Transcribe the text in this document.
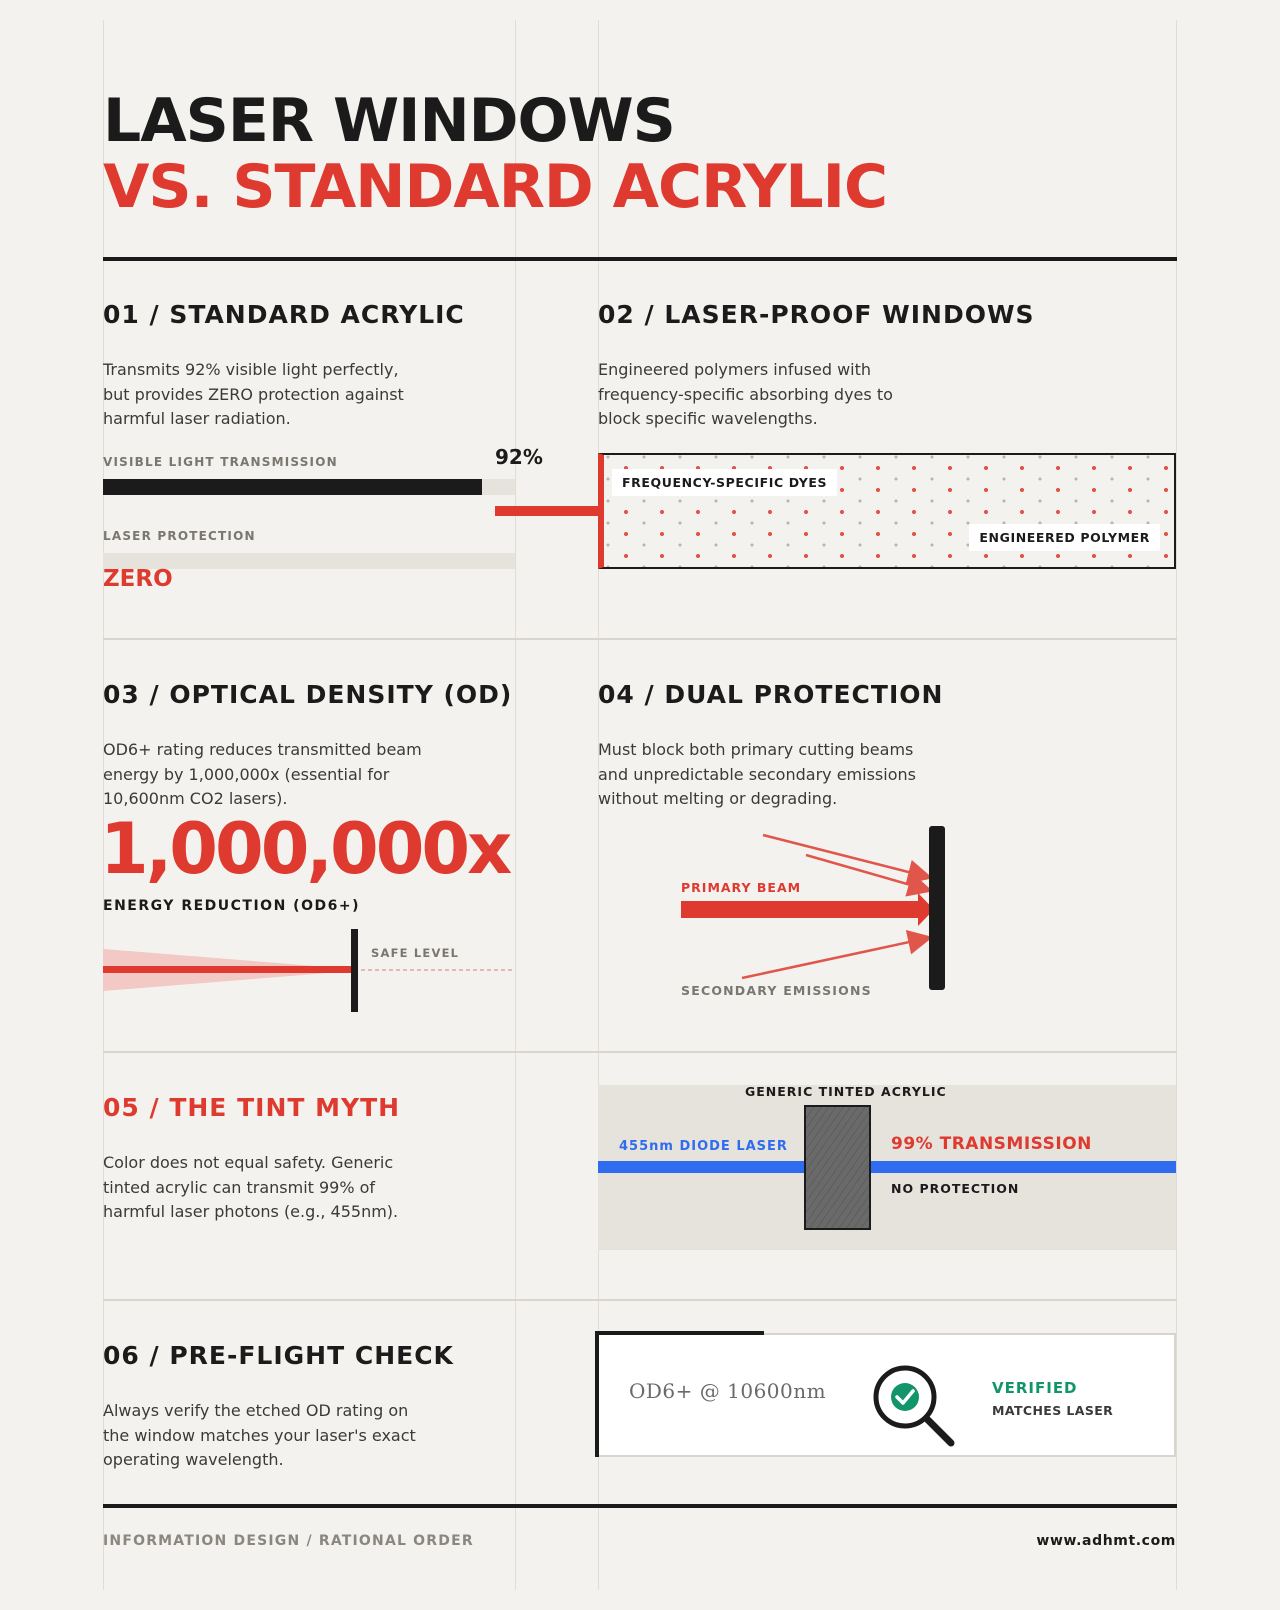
LASER WINDOWS
VS. STANDARD ACRYLIC
01 / STANDARD ACRYLIC
Transmits 92% visible light perfectly, but provides ZERO protection against harmful laser radiation.
VISIBLE LIGHT TRANSMISSION	92%
LASER PROTECTION
ZERO
02 / LASER-PROOF WINDOWS
Engineered polymers infused with frequency-specific absorbing dyes to block specific wavelengths.
FREQUENCY-SPECIFIC DYES
ENGINEERED POLYMER
03 / OPTICAL DENSITY (OD)
OD6+ rating reduces transmitted beam energy by 1,000,000x (essential for 10,600nm CO2 lasers).
1,000,000x
ENERGY REDUCTION (OD6+)
SAFE LEVEL
04 / DUAL PROTECTION
Must block both primary cutting beams and unpredictable secondary emissions without melting or degrading.
PRIMARY BEAM
SECONDARY EMISSIONS
05 / THE TINT MYTH
Color does not equal safety. Generic tinted acrylic can transmit 99% of harmful laser photons (e.g., 455nm).
GENERIC TINTED ACRYLIC
455nm DIODE LASER	99% TRANSMISSION
NO PROTECTION
06 / PRE-FLIGHT CHECK
Always verify the etched OD rating on the window matches your laser's exact operating wavelength.
OD6+ @ 10600nm	VERIFIED
MATCHES LASER
INFORMATION DESIGN / RATIONAL ORDER	www.adhmt.com
